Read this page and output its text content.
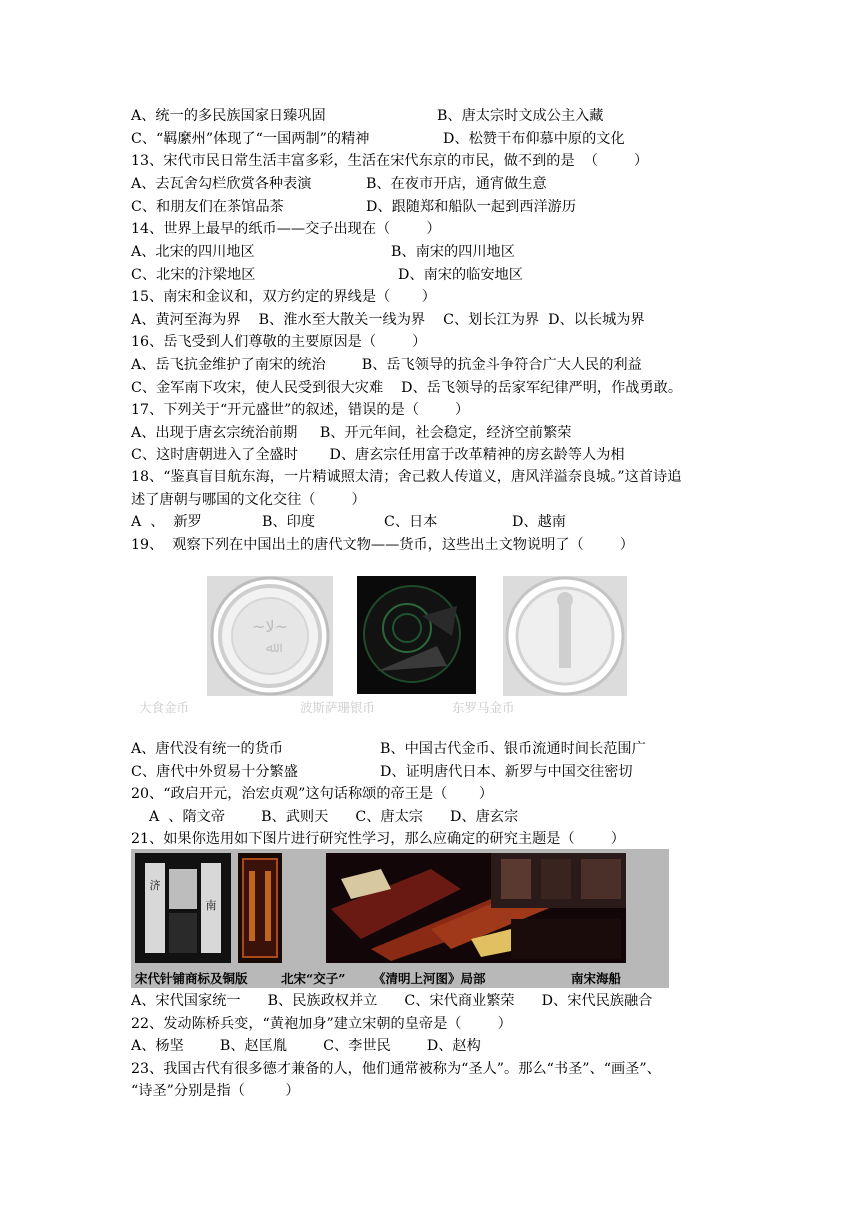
A、统一的多民族国家日臻巩固	B、唐太宗时文成公主入藏
C、“羁縻州”体现了“一国两制”的精神	D、松赞干布仰慕中原的文化
13、宋代市民日常生活丰富多彩，生活在宋代东京的市民，做不到的是  （        ）
A、去瓦舍勾栏欣赏各种表演	B、在夜市开店，通宵做生意
C、和朋友们在茶馆品茶	D、跟随郑和船队一起到西洋游历
14、世界上最早的纸币——交子出现在（        ）
A、北宋的四川地区	B、南宋的四川地区
C、北宋的汴梁地区	D、南宋的临安地区
15、南宋和金议和，双方约定的界线是（       ）
A、黄河至海为界    B、淮水至大散关一线为界    C、划长江为界  D、以长城为界
16、岳飞受到人们尊敬的主要原因是（        ）
A、岳飞抗金维护了南宋的统治        B、岳飞领导的抗金斗争符合广大人民的利益
C、金军南下攻宋，使人民受到很大灾难    D、岳飞领导的岳家军纪律严明，作战勇敢。
17、下列关于“开元盛世”的叙述，错误的是（        ）
A、出现于唐玄宗统治前期     B、开元年间，社会稳定，经济空前繁荣
C、这时唐朝进入了全盛时       D、唐玄宗任用富于改革精神的房玄龄等人为相
18、“鉴真盲目航东海，一片精诚照太清；舍己救人传道义，唐风洋溢奈良城。”这首诗追
述了唐朝与哪国的文化交往（        ）
A  、  新罗	B、印度	C、日本	D、越南
19、  观察下列在中国出土的唐代文物——货币，这些出土文物说明了（        ）
~ﻻ~
ﷲ
大食金币	波斯萨珊银币	东罗马金币
A、唐代没有统一的货币	B、中国古代金币、银币流通时间长范围广
C、唐代中外贸易十分繁盛	D、证明唐代日本、新罗与中国交往密切
20、“政启开元，治宏贞观”这句话称颂的帝王是（       ）
A  、隋文帝        B、武则天      C、唐太宗      D、唐玄宗
21、如果你选用如下图片进行研究性学习，那么应确定的研究主题是（        ）
济
南
宋代针铺商标及铜版	北宋“交子” 《清明上河图》局部	南宋海船
A、宋代国家统一      B、民族政权并立      C、宋代商业繁荣      D、宋代民族融合
22、发动陈桥兵变，“黄袍加身”建立宋朝的皇帝是（        ）
A、杨坚        B、赵匡胤        C、李世民        D、赵构
23、我国古代有很多德才兼备的人，他们通常被称为“圣人”。那么“书圣”、“画圣”、
“诗圣”分别是指（         ）
